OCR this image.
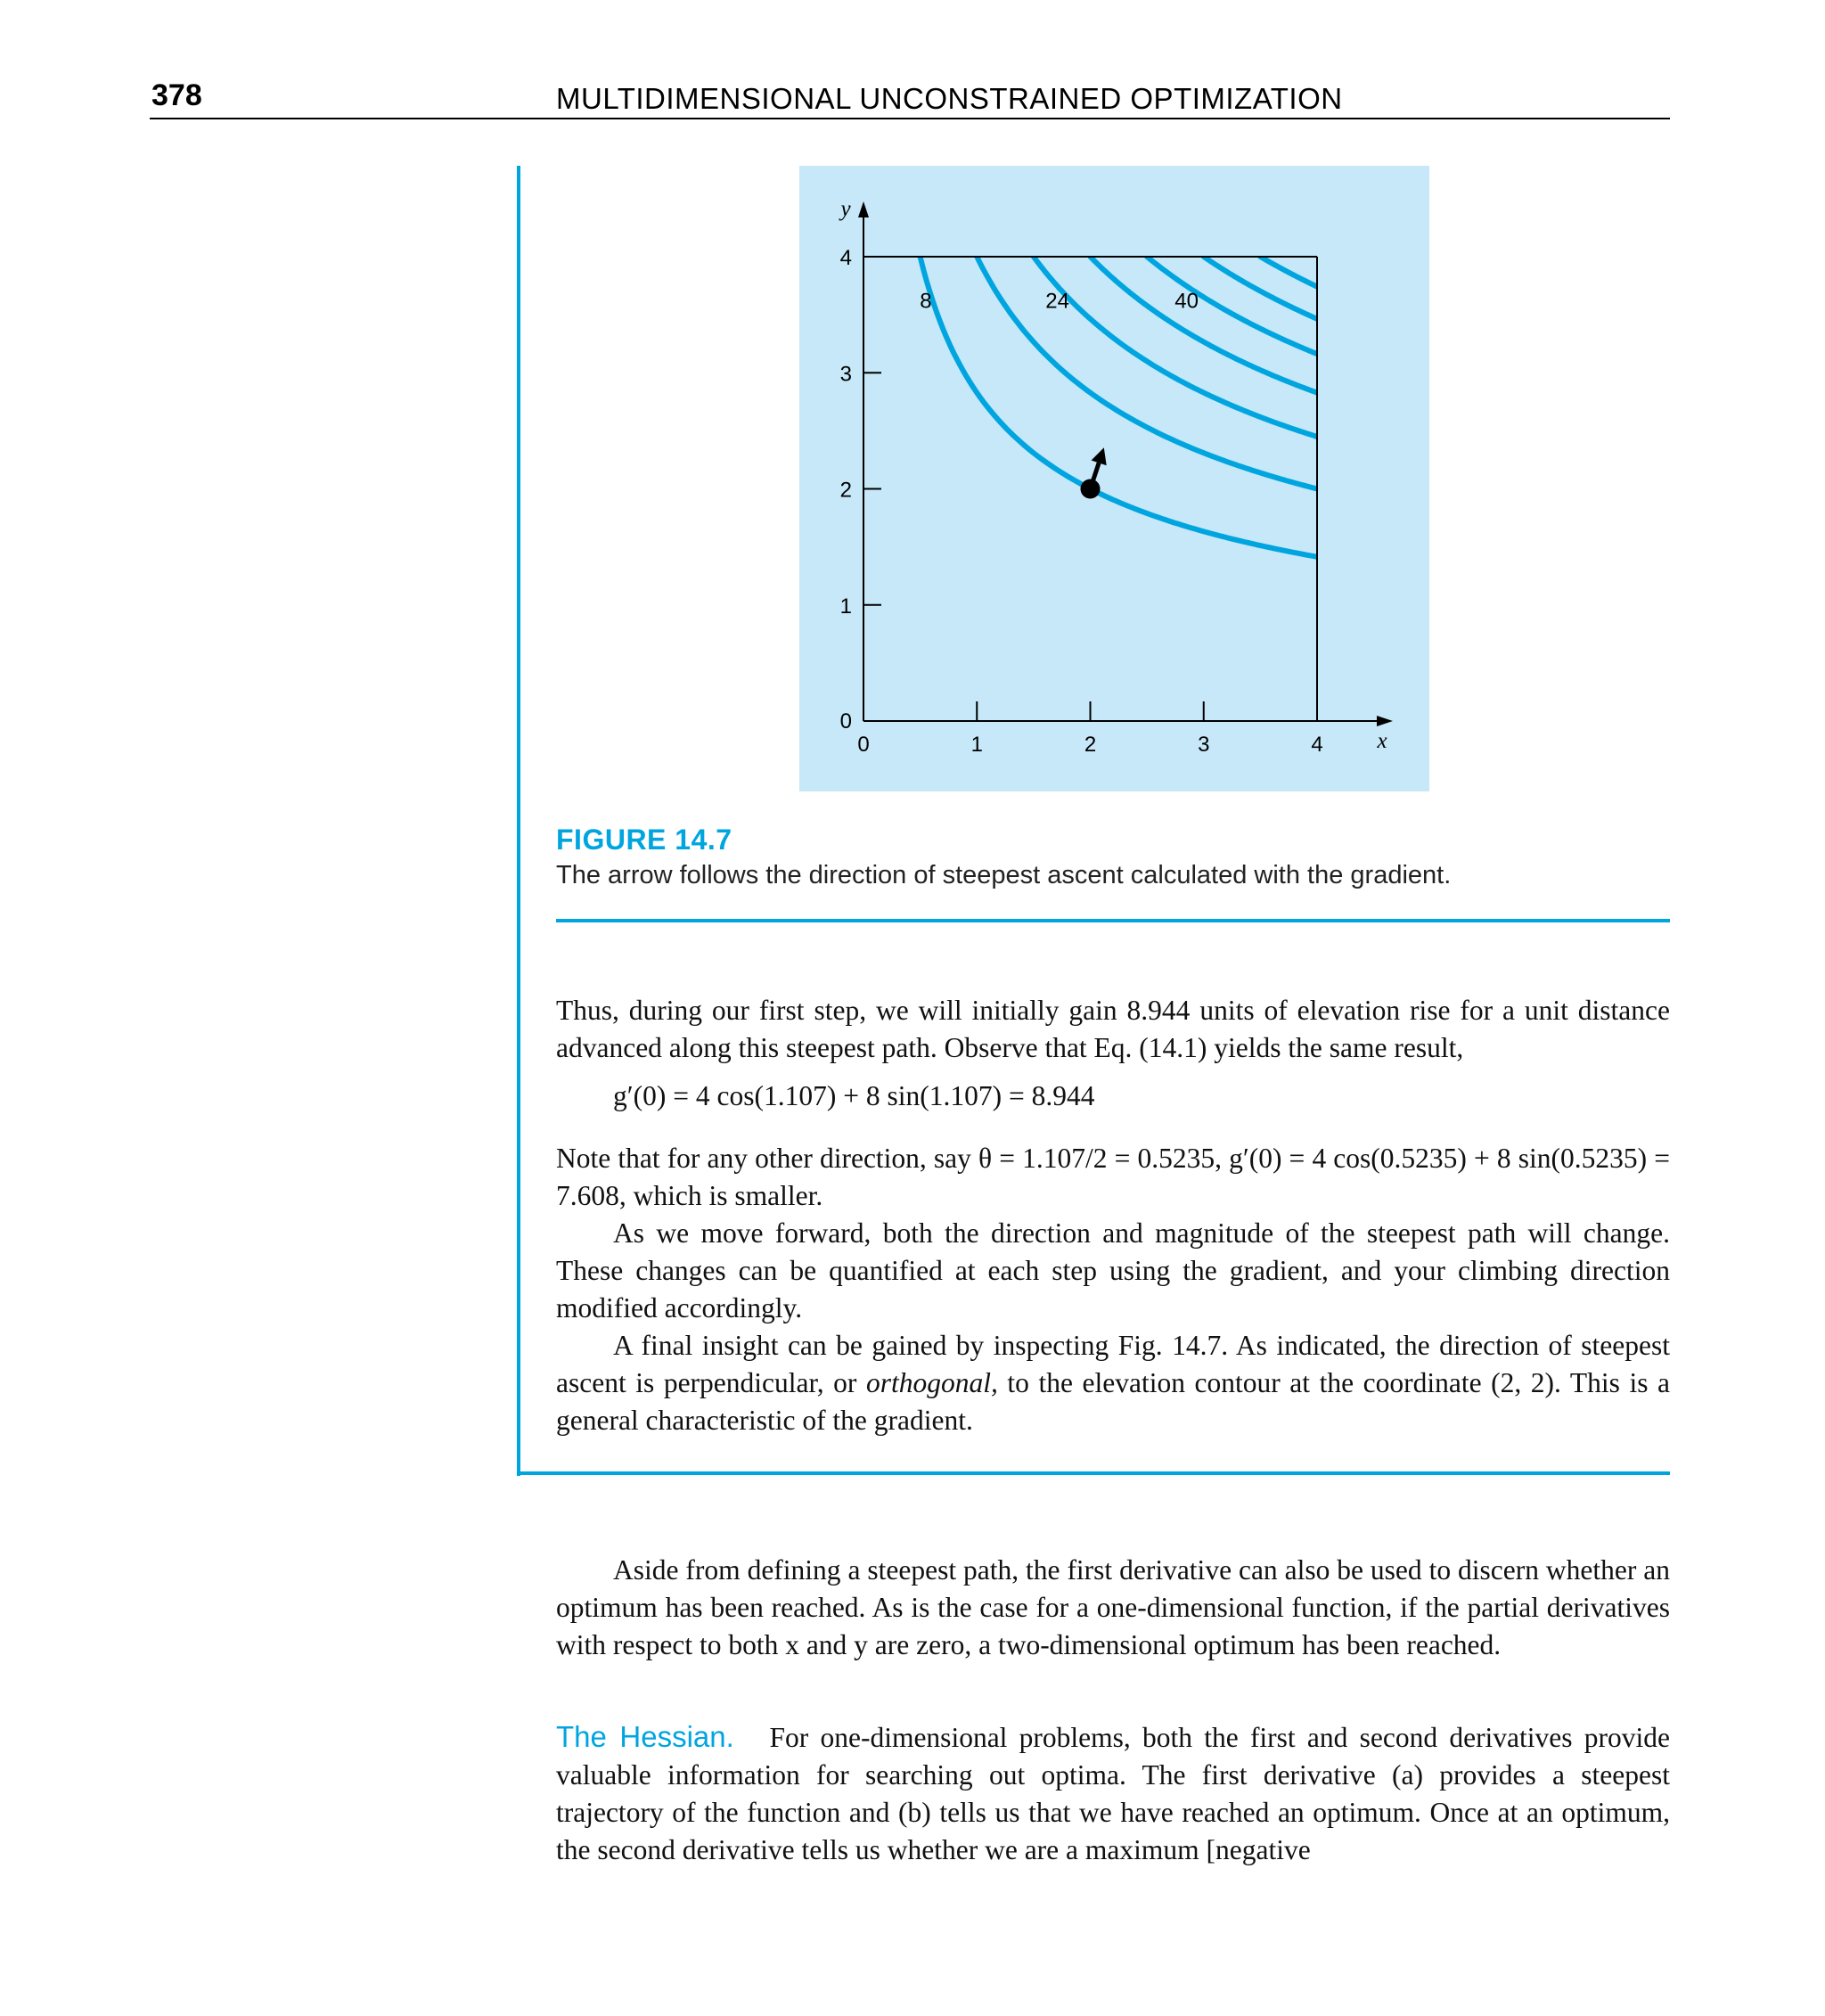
378	MULTIDIMENSIONAL UNCONSTRAINED OPTIMIZATION
0	1	2	3	4
0
1
2
3
4
x
y
8	24	40
FIGURE 14.7
The arrow follows the direction of steepest ascent calculated with the gradient.

Thus, during our first step, we will initially gain 8.944 units of elevation rise for a unit distance advanced along this steepest path. Observe that Eq. (14.1) yields the same result,

g′(0) = 4 cos(1.107) + 8 sin(1.107) = 8.944

Note that for any other direction, say θ = 1.107/2 = 0.5235, g′(0) = 4 cos(0.5235) + 8 sin(0.5235) = 7.608, which is smaller.

As we move forward, both the direction and magnitude of the steepest path will change. These changes can be quantified at each step using the gradient, and your climbing direction modified accordingly.

A final insight can be gained by inspecting Fig. 14.7. As indicated, the direction of steepest ascent is perpendicular, or orthogonal, to the elevation contour at the coordinate (2, 2). This is a general characteristic of the gradient.

Aside from defining a steepest path, the first derivative can also be used to discern whether an optimum has been reached. As is the case for a one-dimensional function, if the partial derivatives with respect to both x and y are zero, a two-dimensional optimum has been reached.

The Hessian. For one-dimensional problems, both the first and second derivatives provide valuable information for searching out optima. The first derivative (a) provides a steepest trajectory of the function and (b) tells us that we have reached an optimum. Once at an optimum, the second derivative tells us whether we are a maximum [negative
